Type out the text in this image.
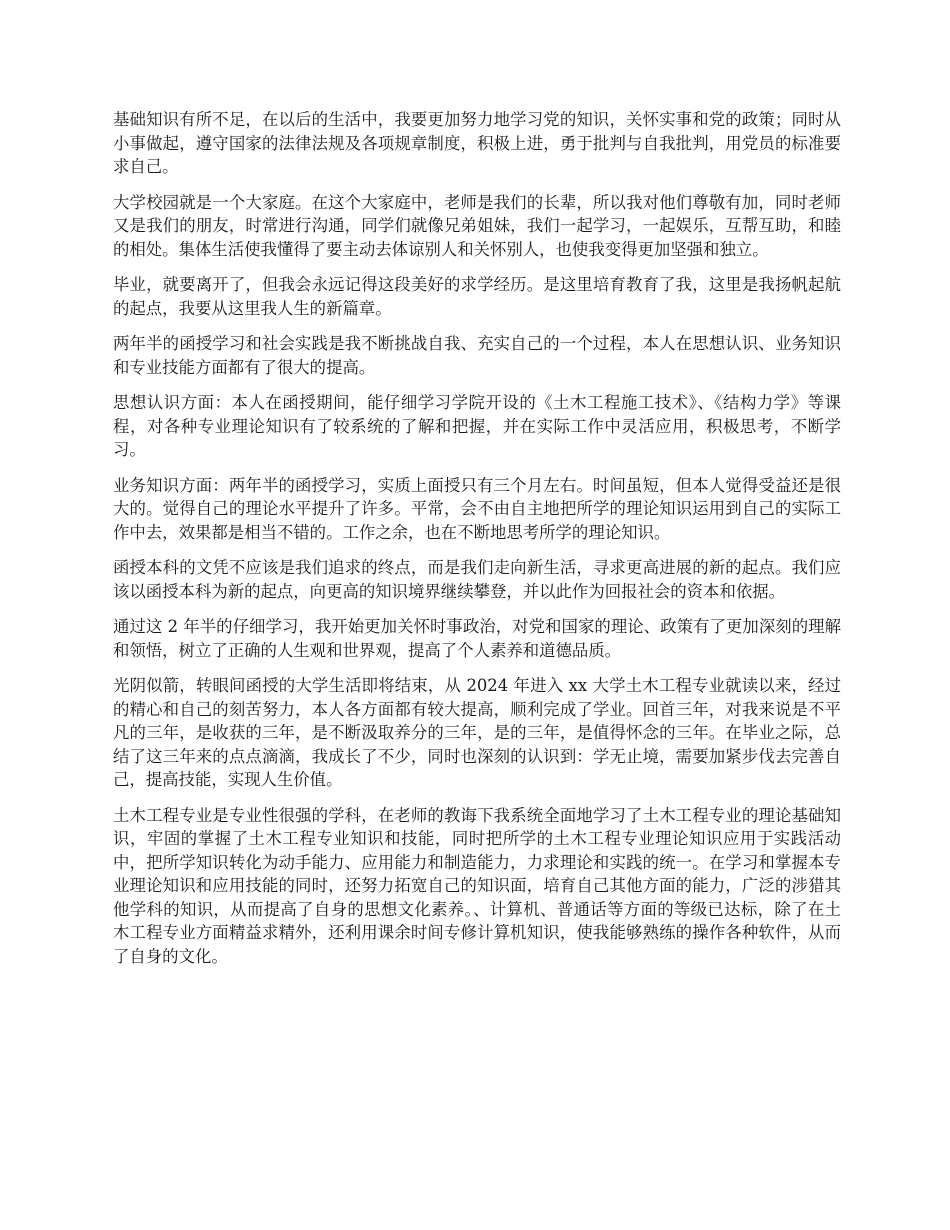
基础知识有所不足，在以后的生活中，我要更加努力地学习党的知识，关怀实事和党的政策；同时从小事做起，遵守国家的法律法规及各项规章制度，积极上进，勇于批判与自我批判，用党员的标准要求自己。

大学校园就是一个大家庭。在这个大家庭中，老师是我们的长辈，所以我对他们尊敬有加，同时老师又是我们的朋友，时常进行沟通，同学们就像兄弟姐妹，我们一起学习，一起娱乐，互帮互助，和睦的相处。集体生活使我懂得了要主动去体谅别人和关怀别人，也使我变得更加坚强和独立。

毕业，就要离开了，但我会永远记得这段美好的求学经历。是这里培育教育了我，这里是我扬帆起航的起点，我要从这里我人生的新篇章。

两年半的函授学习和社会实践是我不断挑战自我、充实自己的一个过程，本人在思想认识、业务知识和专业技能方面都有了很大的提高。

思想认识方面：本人在函授期间，能仔细学习学院开设的《土木工程施工技术》、《结构力学》等课程，对各种专业理论知识有了较系统的了解和把握，并在实际工作中灵活应用，积极思考，不断学习。

业务知识方面：两年半的函授学习，实质上面授只有三个月左右。时间虽短，但本人觉得受益还是很大的。觉得自己的理论水平提升了许多。平常，会不由自主地把所学的理论知识运用到自己的实际工作中去，效果都是相当不错的。工作之余，也在不断地思考所学的理论知识。

函授本科的文凭不应该是我们追求的终点，而是我们走向新生活，寻求更高进展的新的起点。我们应该以函授本科为新的起点，向更高的知识境界继续攀登，并以此作为回报社会的资本和依据。

通过这 2 年半的仔细学习，我开始更加关怀时事政治，对党和国家的理论、政策有了更加深刻的理解和领悟，树立了正确的人生观和世界观，提高了个人素养和道德品质。

光阴似箭，转眼间函授的大学生活即将结束，从 2024 年进入 xx 大学土木工程专业就读以来，经过的精心和自己的刻苦努力，本人各方面都有较大提高，顺利完成了学业。回首三年，对我来说是不平凡的三年，是收获的三年，是不断汲取养分的三年，是的三年，是值得怀念的三年。在毕业之际，总结了这三年来的点点滴滴，我成长了不少，同时也深刻的认识到：学无止境，需要加紧步伐去完善自己，提高技能，实现人生价值。

土木工程专业是专业性很强的学科，在老师的教诲下我系统全面地学习了土木工程专业的理论基础知识，牢固的掌握了土木工程专业知识和技能，同时把所学的土木工程专业理论知识应用于实践活动中，把所学知识转化为动手能力、应用能力和制造能力，力求理论和实践的统一。在学习和掌握本专业理论知识和应用技能的同时，还努力拓宽自己的知识面，培育自己其他方面的能力，广泛的涉猎其他学科的知识，从而提高了自身的思想文化素养。、计算机、普通话等方面的等级已达标，除了在土木工程专业方面精益求精外，还利用课余时间专修计算机知识，使我能够熟练的操作各种软件，从而了自身的文化。
